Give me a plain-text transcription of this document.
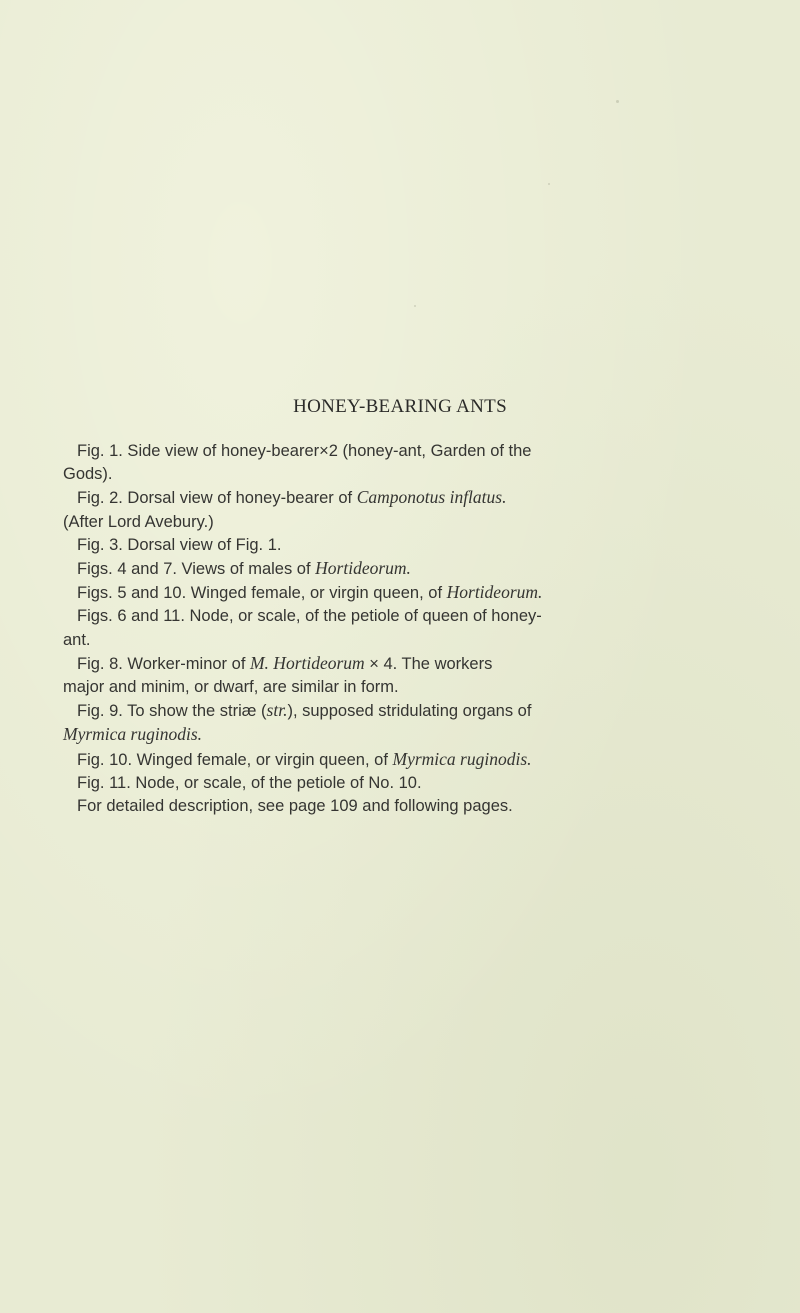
HONEY-BEARING ANTS
Fig. 1. Side view of honey-bearer×2 (honey-ant, Garden of the
Gods).
Fig. 2. Dorsal view of honey-bearer of Camponotus inflatus.
(After Lord Avebury.)
Fig. 3. Dorsal view of Fig. 1.
Figs. 4 and 7. Views of males of Hortideorum.
Figs. 5 and 10. Winged female, or virgin queen, of Hortideorum.
Figs. 6 and 11. Node, or scale, of the petiole of queen of honey-
ant.
Fig. 8. Worker-minor of M. Hortideorum × 4. The workers
major and minim, or dwarf, are similar in form.
Fig. 9. To show the striæ (str.), supposed stridulating organs of
Myrmica ruginodis.
Fig. 10. Winged female, or virgin queen, of Myrmica ruginodis.
Fig. 11. Node, or scale, of the petiole of No. 10.
For detailed description, see page 109 and following pages.
